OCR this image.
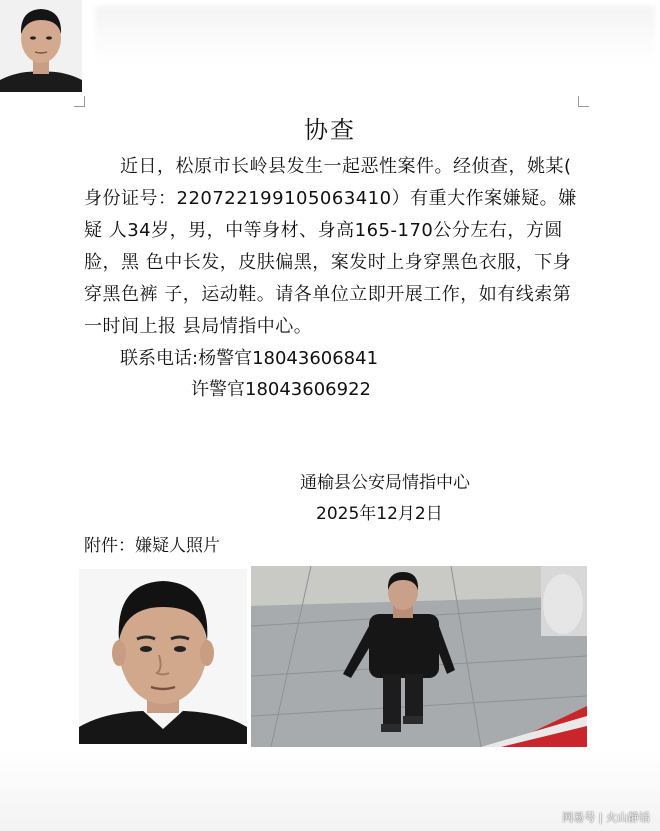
协查

近日，松原市长岭县发生一起恶性案件。经侦查，姚某( 身份证号：220722199105063410）有重大作案嫌疑。嫌疑 人34岁，男，中等身材、身高165-170公分左右，方圆脸，黑 色中长发，皮肤偏黑，案发时上身穿黑色衣服，下身穿黑色裤 子，运动鞋。请各单位立即开展工作，如有线索第一时间上报 县局情指中心。

联系电话:杨警官18043606841
许警官18043606922
通榆县公安局情指中心
2025年12月2日
附件：嫌疑人照片
网易号 | 火山静话
